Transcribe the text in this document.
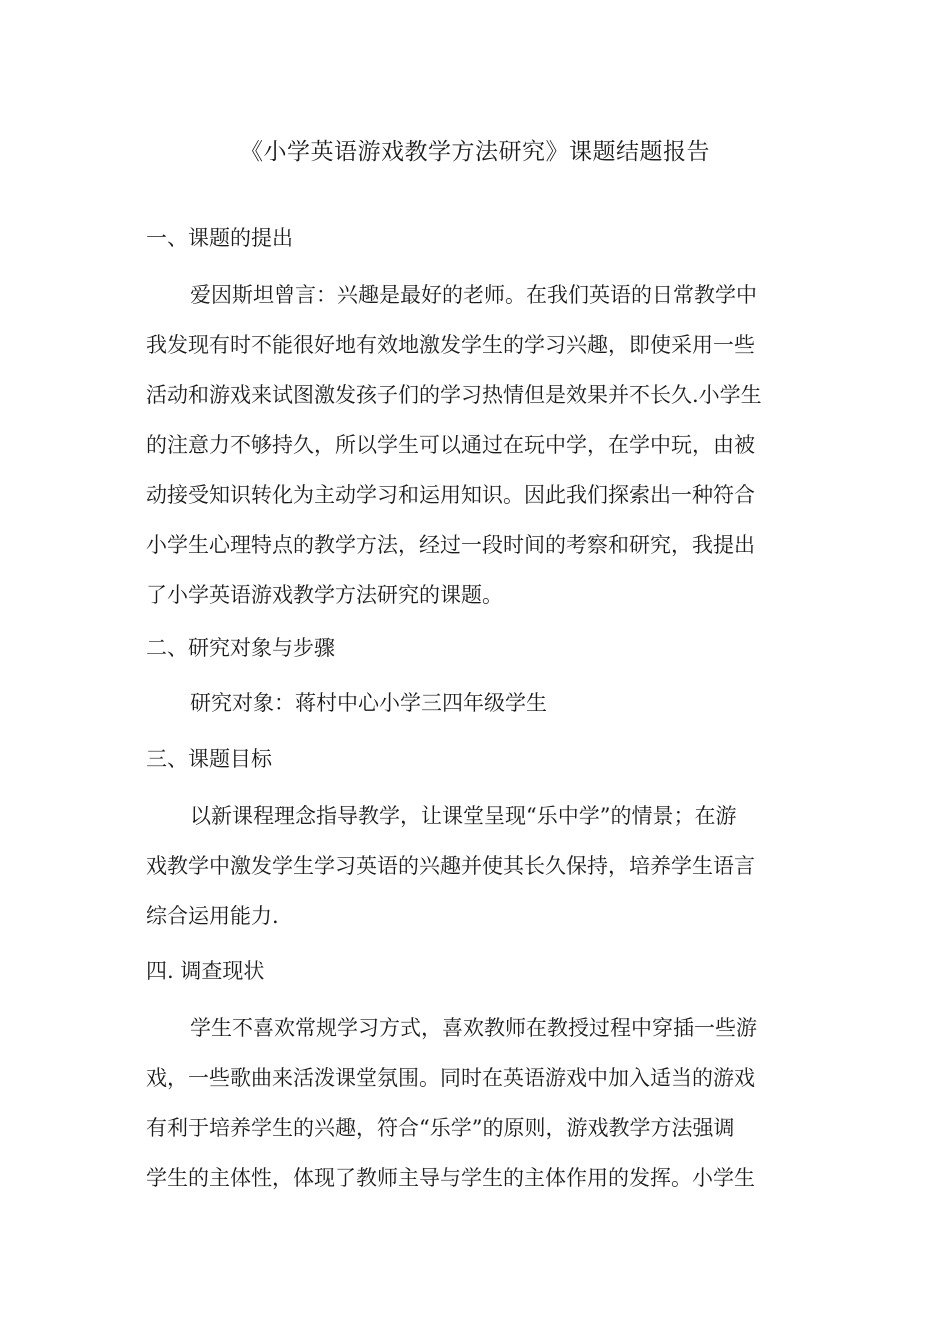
《小学英语游戏教学方法研究》课题结题报告
一、课题的提出
爱因斯坦曾言：兴趣是最好的老师。在我们英语的日常教学中
我发现有时不能很好地有效地激发学生的学习兴趣，即使采用一些
活动和游戏来试图激发孩子们的学习热情但是效果并不长久.小学生
的注意力不够持久，所以学生可以通过在玩中学，在学中玩，由被
动接受知识转化为主动学习和运用知识。因此我们探索出一种符合
小学生心理特点的教学方法，经过一段时间的考察和研究，我提出
了小学英语游戏教学方法研究的课题。
二、研究对象与步骤
研究对象：蒋村中心小学三四年级学生
三、课题目标
以新课程理念指导教学，让课堂呈现“乐中学”的情景；在游
戏教学中激发学生学习英语的兴趣并使其长久保持，培养学生语言
综合运用能力.
四. 调查现状
学生不喜欢常规学习方式，喜欢教师在教授过程中穿插一些游
戏，一些歌曲来活泼课堂氛围。同时在英语游戏中加入适当的游戏
有利于培养学生的兴趣，符合“乐学”的原则，游戏教学方法强调
学生的主体性，体现了教师主导与学生的主体作用的发挥。小学生
